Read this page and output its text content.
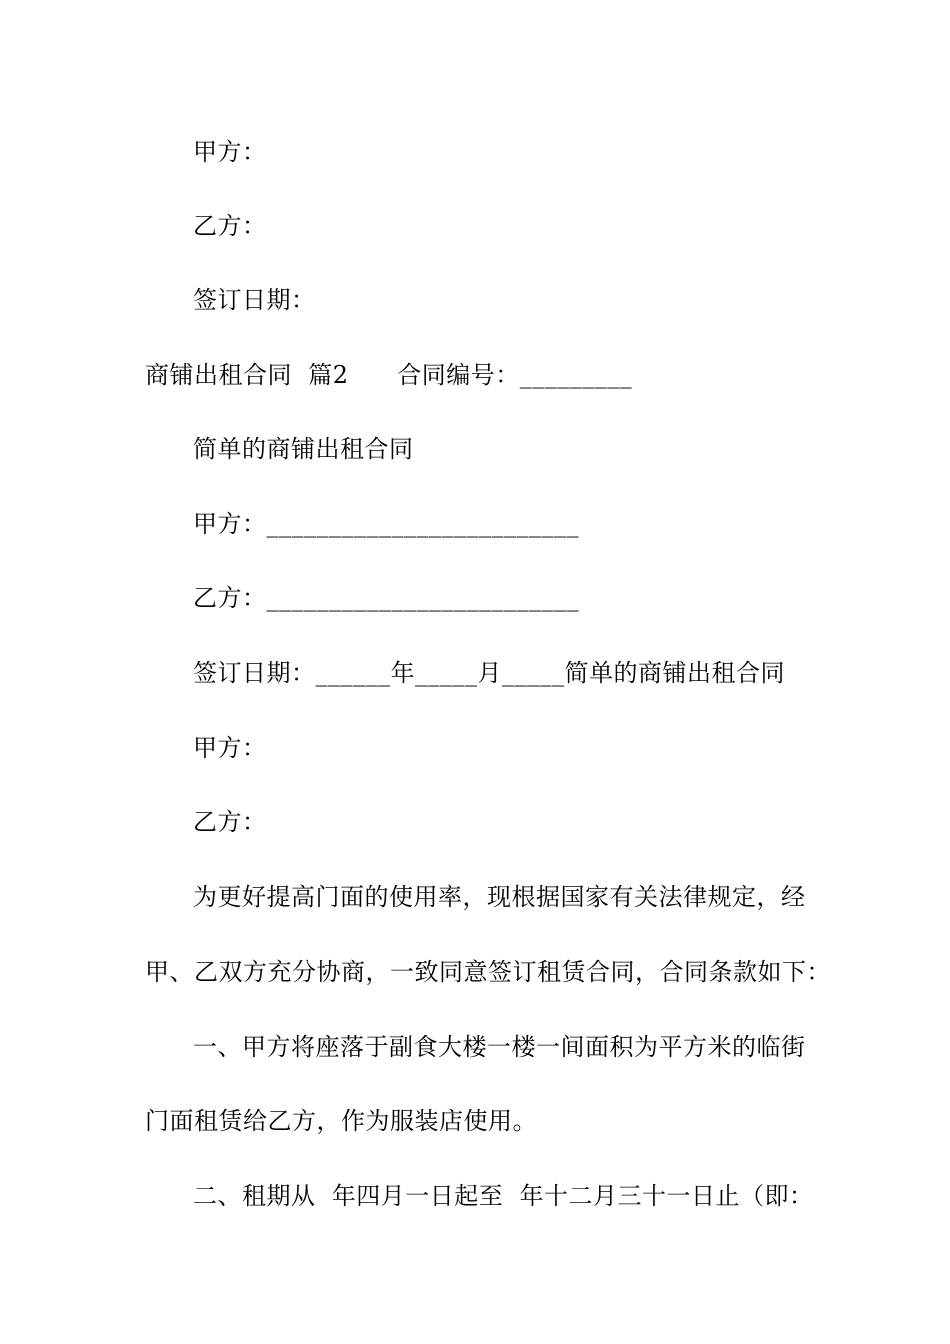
甲方：
乙方：
签订日期：
商铺出租合同  篇2      合同编号：_________
简单的商铺出租合同
甲方：_________________________
乙方：_________________________
签订日期：______年_____月_____简单的商铺出租合同
甲方：
乙方：
为更好提高门面的使用率，现根据国家有关法律规定，经
甲、乙双方充分协商，一致同意签订租赁合同，合同条款如下：
一、甲方将座落于副食大楼一楼一间面积为平方米的临街
门面租赁给乙方，作为服装店使用。
二、租期从  年四月一日起至  年十二月三十一日止（即：
